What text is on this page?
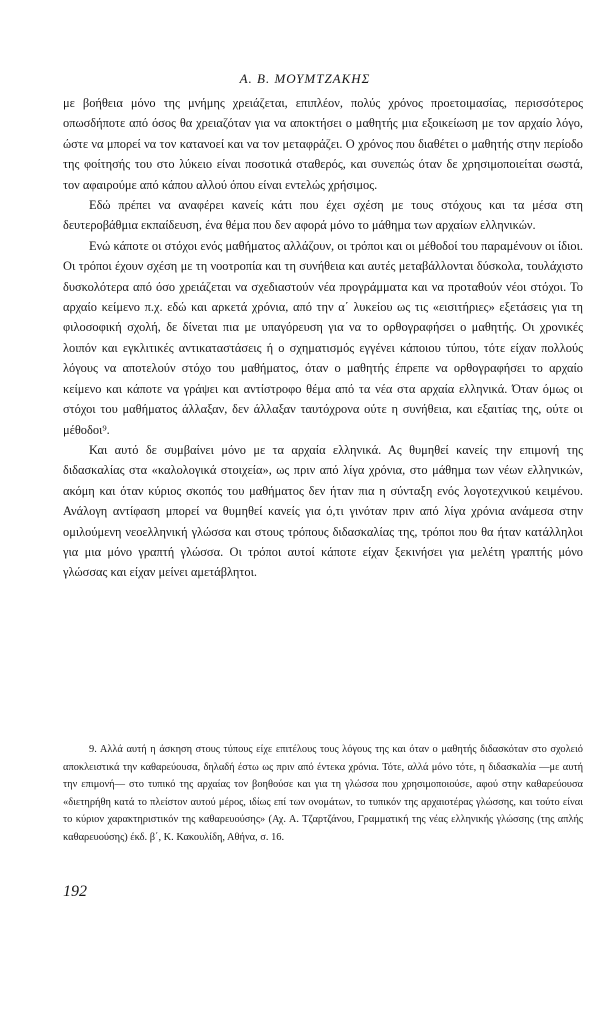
Α. Β. ΜΟΥΜΤΖΑΚΗΣ

με βοήθεια μόνο της μνήμης χρειάζεται, επιπλέον, πολύς χρόνος προετοιμασίας, περισσότερος οπωσδήποτε από όσος θα χρειαζόταν για να αποκτήσει ο μαθητής μια εξοικείωση με τον αρχαίο λόγο, ώστε να μπορεί να τον κατανοεί και να τον μεταφράζει. Ο χρόνος που διαθέτει ο μαθητής στην περίοδο της φοίτησής του στο λύκειο είναι ποσοτικά σταθερός, και συνεπώς όταν δε χρησιμοποιείται σωστά, τον αφαιρούμε από κάπου αλλού όπου είναι εντελώς χρήσιμος.

Εδώ πρέπει να αναφέρει κανείς κάτι που έχει σχέση με τους στόχους και τα μέσα στη δευτεροβάθμια εκπαίδευση, ένα θέμα που δεν αφορά μόνο το μάθημα των αρχαίων ελληνικών.

Ενώ κάποτε οι στόχοι ενός μαθήματος αλλάζουν, οι τρόποι και οι μέθοδοί του παραμένουν οι ίδιοι. Οι τρόποι έχουν σχέση με τη νοοτροπία και τη συνήθεια και αυτές μεταβάλλονται δύσκολα, τουλάχιστο δυσκολότερα από όσο χρειάζεται να σχεδιαστούν νέα προγράμματα και να προταθούν νέοι στόχοι. Το αρχαίο κείμενο π.χ. εδώ και αρκετά χρόνια, από την α΄ λυκείου ως τις «εισιτήριες» εξετάσεις για τη φιλοσοφική σχολή, δε δίνεται πια με υπαγόρευση για να το ορθογραφήσει ο μαθητής. Οι χρονικές λοιπόν και εγκλιτικές αντικαταστάσεις ή ο σχηματισμός εγγένει κάποιου τύπου, τότε είχαν πολλούς λόγους να αποτελούν στόχο του μαθήματος, όταν ο μαθητής έπρεπε να ορθογραφήσει το αρχαίο κείμενο και κάποτε να γράψει και αντίστροφο θέμα από τα νέα στα αρχαία ελληνικά. Όταν όμως οι στόχοι του μαθήματος άλλαξαν, δεν άλλαξαν ταυτόχρονα ούτε η συνήθεια, και εξαιτίας της, ούτε οι μέθοδοι⁹.

Και αυτό δε συμβαίνει μόνο με τα αρχαία ελληνικά. Ας θυμηθεί κανείς την επιμονή της διδασκαλίας στα «καλολογικά στοιχεία», ως πριν από λίγα χρόνια, στο μάθημα των νέων ελληνικών, ακόμη και όταν κύριος σκοπός του μαθήματος δεν ήταν πια η σύνταξη ενός λογοτεχνικού κειμένου. Ανάλογη αντίφαση μπορεί να θυμηθεί κανείς για ό,τι γινόταν πριν από λίγα χρόνια ανάμεσα στην ομιλούμενη νεοελληνική γλώσσα και στους τρόπους διδασκαλίας της, τρόποι που θα ήταν κατάλληλοι για μια μόνο γραπτή γλώσσα. Οι τρόποι αυτοί κάποτε είχαν ξεκινήσει για μελέτη γραπτής μόνο γλώσσας και είχαν μείνει αμετάβλητοι.

9. Αλλά αυτή η άσκηση στους τύπους είχε επιτέλους τους λόγους της και όταν ο μαθητής διδασκόταν στο σχολειό αποκλειστικά την καθαρεύουσα, δηλαδή έστω ως πριν από έντεκα χρόνια. Τότε, αλλά μόνο τότε, η διδασκαλία —με αυτή την επιμονή— στο τυπικό της αρχαίας τον βοηθούσε και για τη γλώσσα που χρησιμοποιούσε, αφού στην καθαρεύουσα «διετηρήθη κατά το πλείστον αυτού μέρος, ιδίως επί των ονομάτων, το τυπικόν της αρχαιοτέρας γλώσσης, και τούτο είναι το κύριον χαρακτηριστικόν της καθαρευούσης» (Αχ. Α. Τζαρτζάνου, Γραμματική της νέας ελληνικής γλώσσης (της απλής καθαρευούσης) έκδ. β΄, Κ. Κακουλίδη, Αθήνα, σ. 16.
192
